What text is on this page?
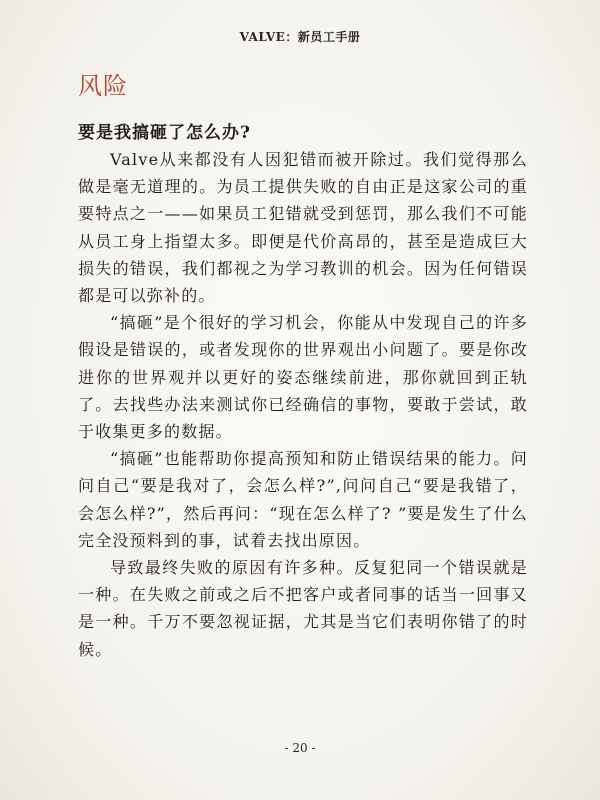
VALVE：新员工手册
风险
要是我搞砸了怎么办?

Valve从来都没有人因犯错而被开除过。我们觉得那么做是毫无道理的。为员工提供失败的自由正是这家公司的重要特点之一——如果员工犯错就受到惩罚，那么我们不可能从员工身上指望太多。即便是代价高昂的，甚至是造成巨大损失的错误，我们都视之为学习教训的机会。因为任何错误都是可以弥补的。

“搞砸”是个很好的学习机会，你能从中发现自己的许多假设是错误的，或者发现你的世界观出小问题了。要是你改进你的世界观并以更好的姿态继续前进，那你就回到正轨了。去找些办法来测试你已经确信的事物，要敢于尝试，敢于收集更多的数据。

“搞砸”也能帮助你提高预知和防止错误结果的能力。问问自己“要是我对了，会怎么样?”,问问自己“要是我错了，会怎么样?”，然后再问：“现在怎么样了? ”要是发生了什么完全没预料到的事，试着去找出原因。

导致最终失败的原因有许多种。反复犯同一个错误就是一种。在失败之前或之后不把客户或者同事的话当一回事又是一种。千万不要忽视证据，尤其是当它们表明你错了的时候。

- 20 -
